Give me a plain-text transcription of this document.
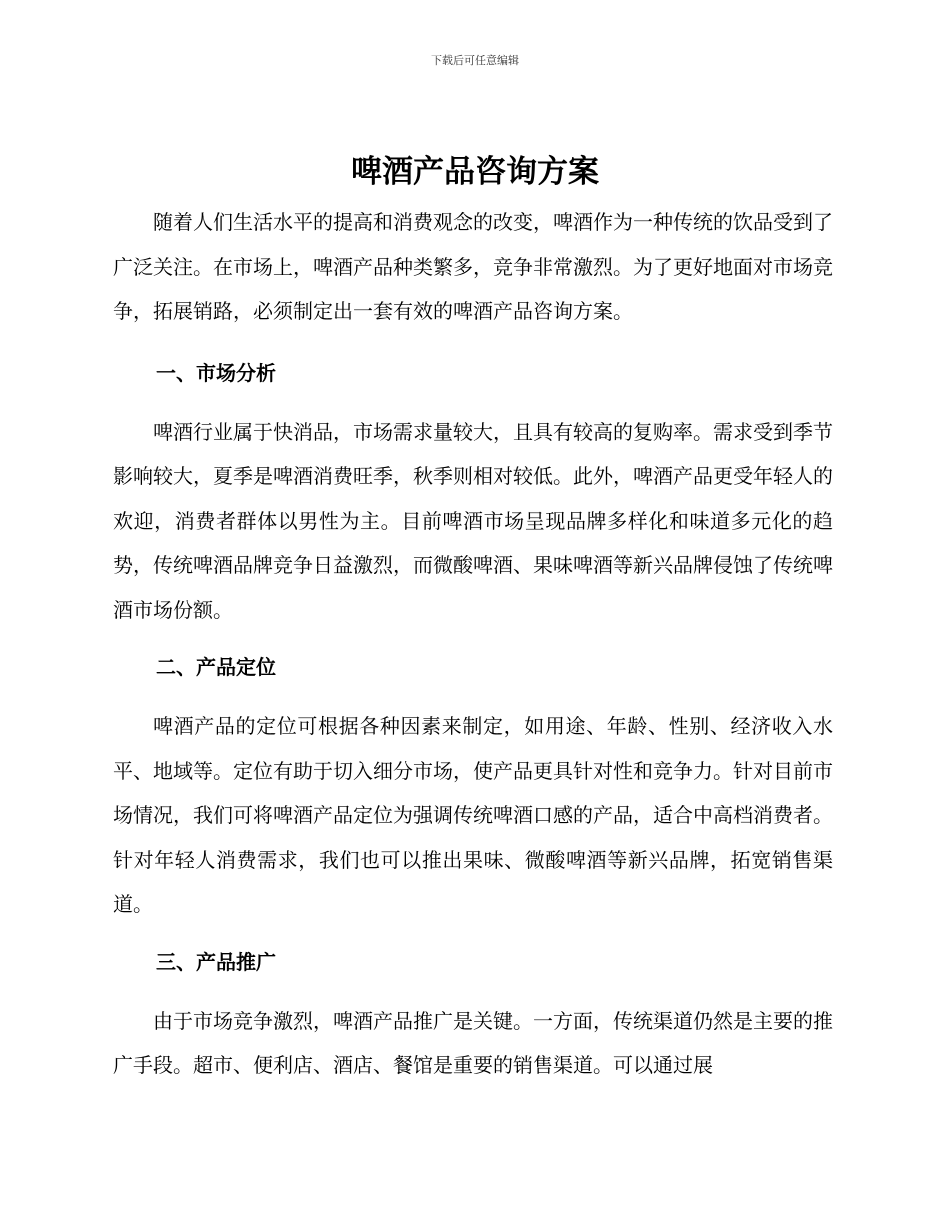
下载后可任意编辑
啤酒产品咨询方案

随着人们生活水平的提高和消费观念的改变，啤酒作为一种传统的饮品受到了广泛关注。在市场上，啤酒产品种类繁多，竞争非常激烈。为了更好地面对市场竞争，拓展销路，必须制定出一套有效的啤酒产品咨询方案。

一、市场分析

啤酒行业属于快消品，市场需求量较大，且具有较高的复购率。需求受到季节影响较大，夏季是啤酒消费旺季，秋季则相对较低。此外，啤酒产品更受年轻人的欢迎，消费者群体以男性为主。目前啤酒市场呈现品牌多样化和味道多元化的趋势，传统啤酒品牌竞争日益激烈，而微酸啤酒、果味啤酒等新兴品牌侵蚀了传统啤酒市场份额。

二、产品定位

啤酒产品的定位可根据各种因素来制定，如用途、年龄、性别、经济收入水平、地域等。定位有助于切入细分市场，使产品更具针对性和竞争力。针对目前市场情况，我们可将啤酒产品定位为强调传统啤酒口感的产品，适合中高档消费者。针对年轻人消费需求，我们也可以推出果味、微酸啤酒等新兴品牌，拓宽销售渠道。

三、产品推广

由于市场竞争激烈，啤酒产品推广是关键。一方面，传统渠道仍然是主要的推广手段。超市、便利店、酒店、餐馆是重要的销售渠道。可以通过展
